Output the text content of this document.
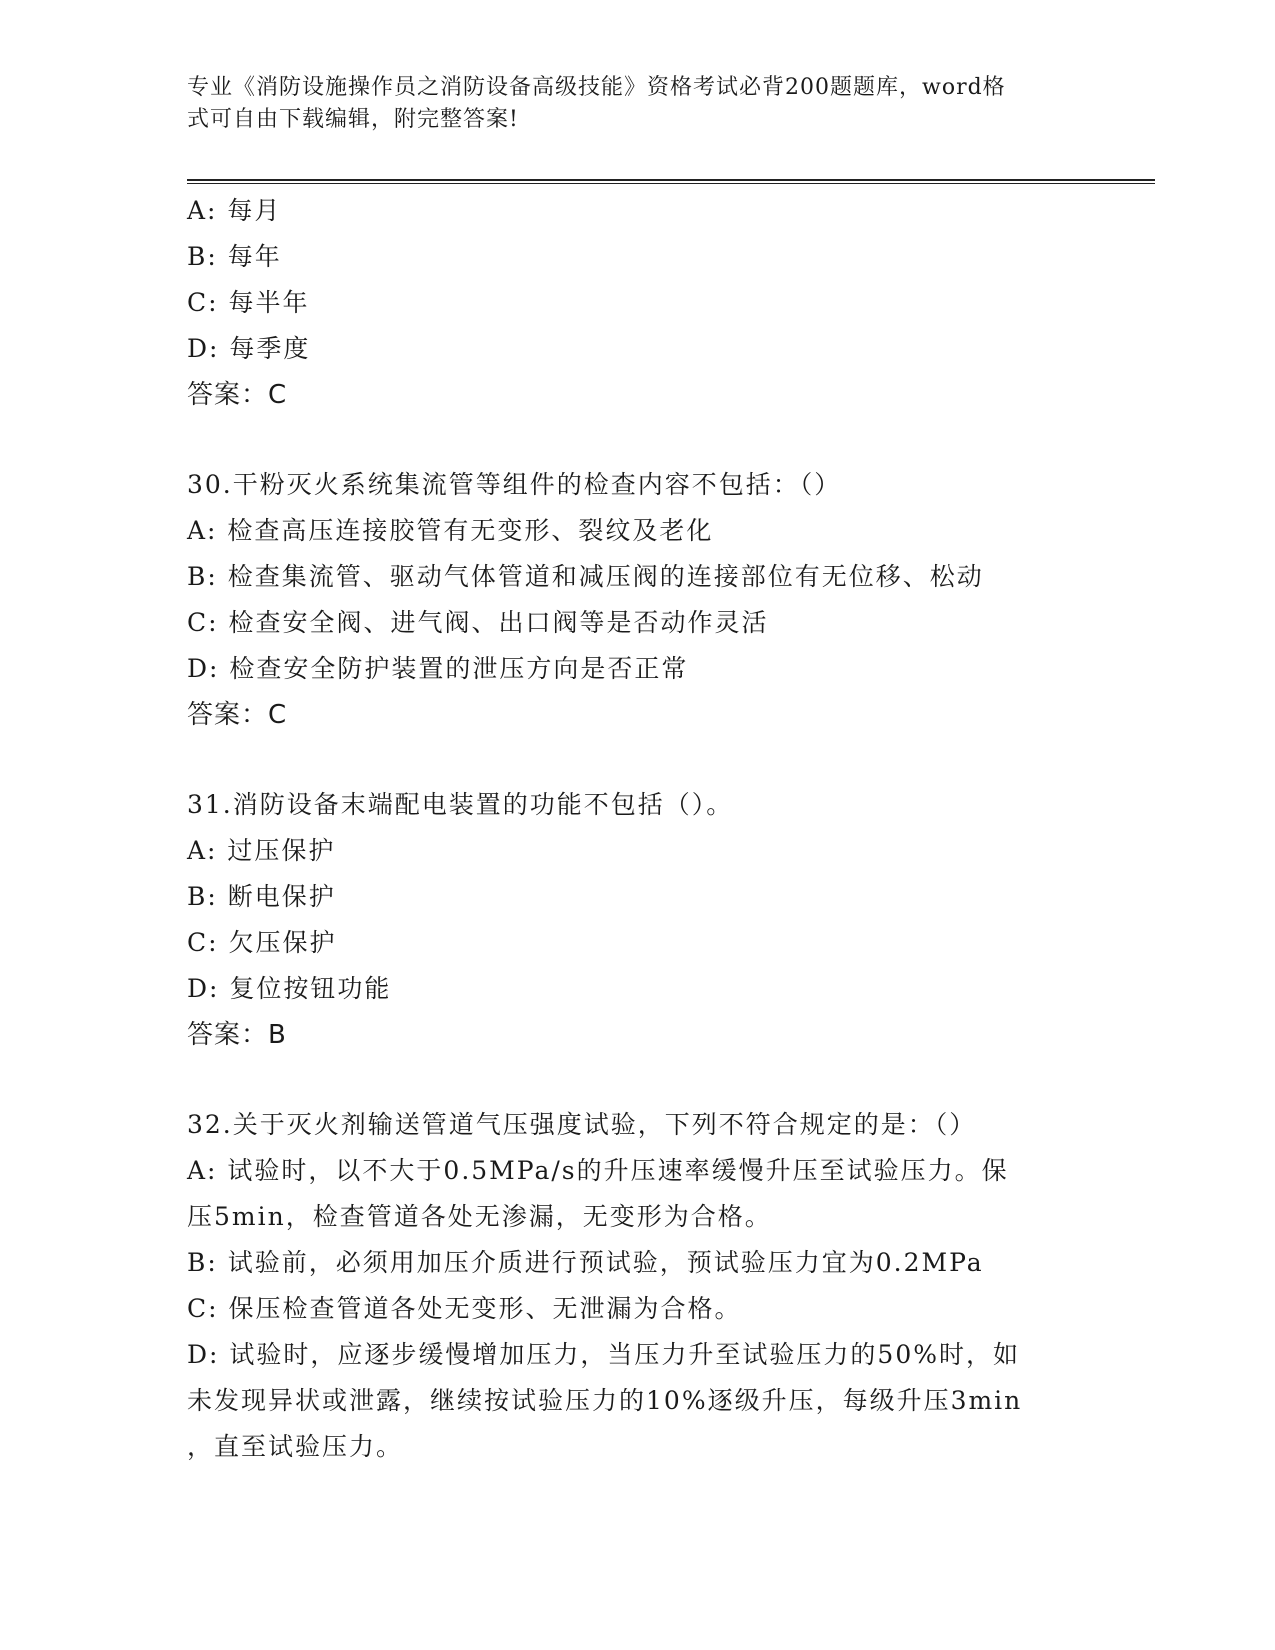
专业《消防设施操作员之消防设备高级技能》资格考试必背200题题库，word格
式可自由下载编辑，附完整答案!
A: 每月
B: 每年
C: 每半年
D: 每季度
答案：C
30.干粉灭火系统集流管等组件的检查内容不包括：（）
A: 检查高压连接胶管有无变形、裂纹及老化
B: 检查集流管、驱动气体管道和减压阀的连接部位有无位移、松动
C: 检查安全阀、进气阀、出口阀等是否动作灵活
D: 检查安全防护装置的泄压方向是否正常
答案：C
31.消防设备末端配电装置的功能不包括（）。
A: 过压保护
B: 断电保护
C: 欠压保护
D: 复位按钮功能
答案：B
32.关于灭火剂输送管道气压强度试验，下列不符合规定的是：（）
A: 试验时，以不大于0.5MPa/s的升压速率缓慢升压至试验压力。保
压5min，检查管道各处无渗漏，无变形为合格。
B: 试验前，必须用加压介质进行预试验，预试验压力宜为0.2MPa
C: 保压检查管道各处无变形、无泄漏为合格。
D: 试验时，应逐步缓慢增加压力，当压力升至试验压力的50%时，如
未发现异状或泄露，继续按试验压力的10%逐级升压，每级升压3min
，直至试验压力。
